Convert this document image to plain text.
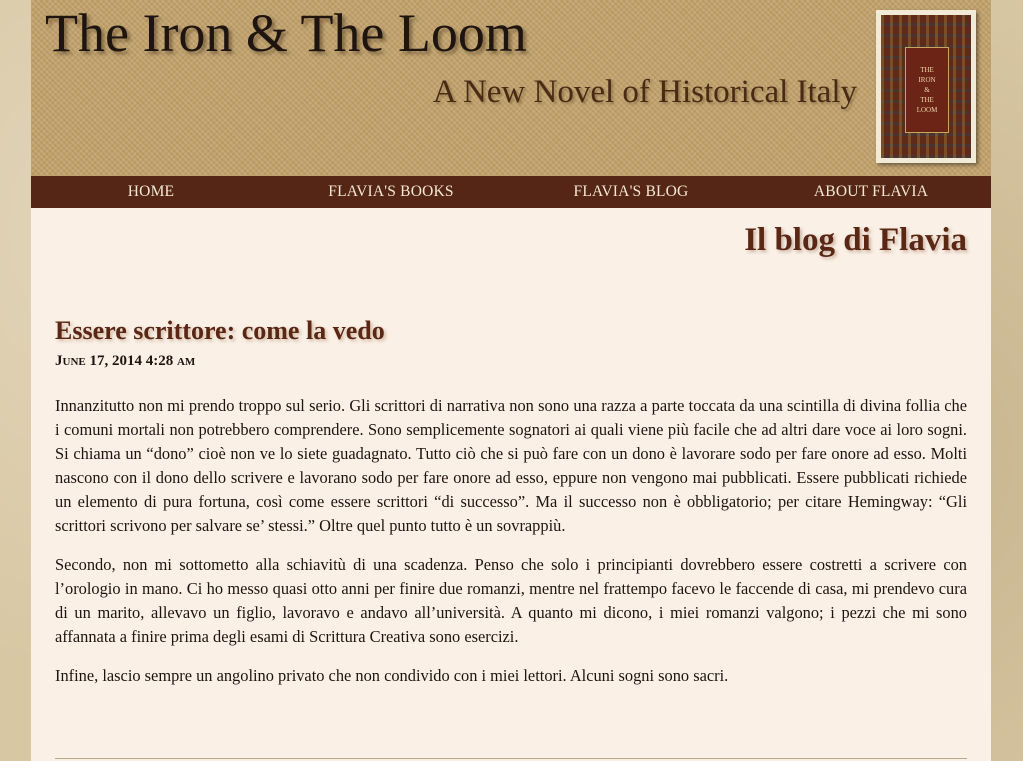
The Iron & The Loom
A New Novel of Historical Italy
THE
IRON
&
THE
LOOM
HOME	FLAVIA'S BOOKS	FLAVIA'S BLOG	ABOUT FLAVIA
Il blog di Flavia
Essere scrittore: come la vedo
June 17, 2014 4:28 am

Innanzitutto non mi prendo troppo sul serio. Gli scrittori di narrativa non sono una razza a parte toccata da una scintilla di divina follia che i comuni mortali non potrebbero comprendere. Sono semplicemente sognatori ai quali viene più facile che ad altri dare voce ai loro sogni. Si chiama un “dono” cioè non ve lo siete guadagnato. Tutto ciò che si può fare con un dono è lavorare sodo per fare onore ad esso. Molti nascono con il dono dello scrivere e lavorano sodo per fare onore ad esso, eppure non vengono mai pubblicati. Essere pubblicati richiede un elemento di pura fortuna, così come essere scrittori “di successo”. Ma il successo non è obbligatorio; per citare Hemingway: “Gli scrittori scrivono per salvare se’ stessi.” Oltre quel punto tutto è un sovrappiù.

Secondo, non mi sottometto alla schiavitù di una scadenza. Penso che solo i principianti dovrebbero essere costretti a scrivere con l’orologio in mano. Ci ho messo quasi otto anni per finire due romanzi, mentre nel frattempo facevo le faccende di casa, mi prendevo cura di un marito, allevavo un figlio, lavoravo e andavo all’università. A quanto mi dicono, i miei romanzi valgono; i pezzi che mi sono affannata a finire prima degli esami di Scrittura Creativa sono esercizi.

Infine, lascio sempre un angolino privato che non condivido con i miei lettori. Alcuni sogni sono sacri.
